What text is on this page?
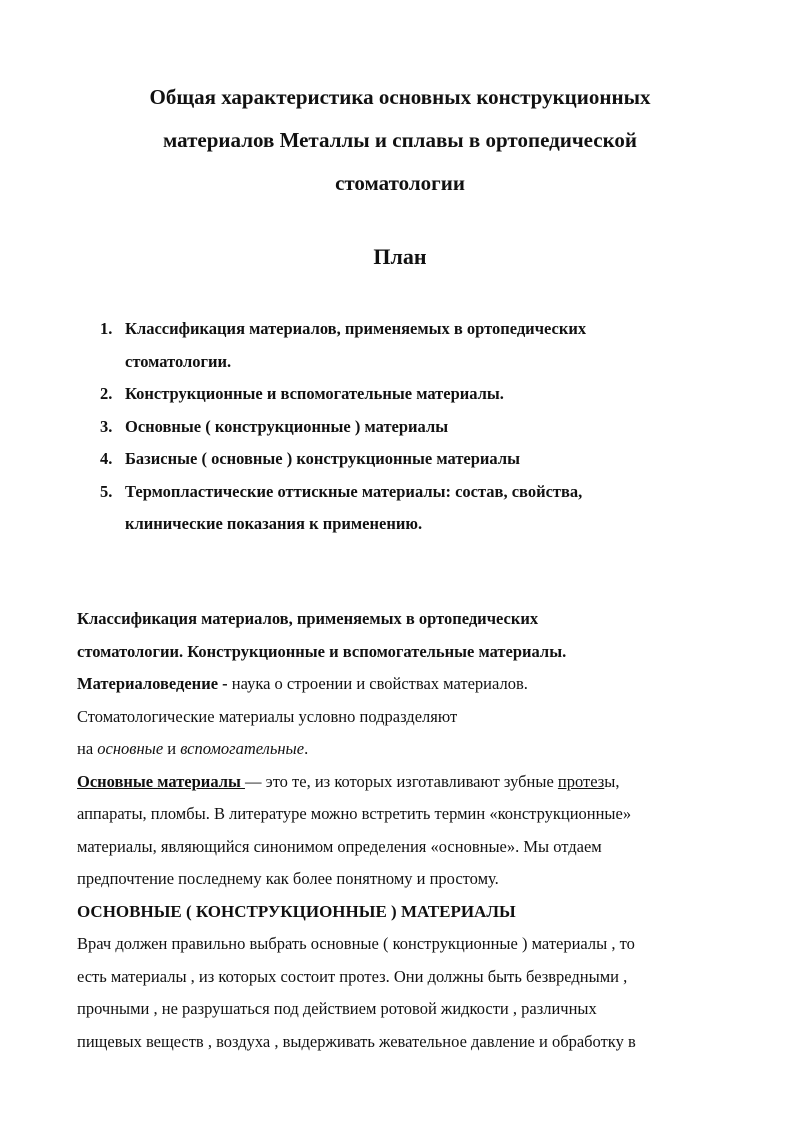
Общая характеристика основных конструкционных
материалов Металлы и сплавы в ортопедической
стоматологии
План
1. Классификация материалов, применяемых в ортопедических
стоматологии.
2. Конструкционные и вспомогательные материалы.
3. Основные ( конструкционные ) материалы
4. Базисные ( основные ) конструкционные материалы
5. Термопластические оттискные материалы: состав, свойства,
клинические показания к применению.

Классификация материалов, применяемых в ортопедических
стоматологии. Конструкционные и вспомогательные материалы.

Материаловедение - наука о строении и свойствах материалов.

Стоматологические материалы условно подразделяют

на основные и вспомогательные.

Основные материалы — это те, из которых изготавливают зубные протезы,
аппараты, пломбы. В литературе можно встретить термин «конструкционные»
материалы, являющийся синонимом определения «основные». Мы отдаем
предпочтение последнему как более понятному и простому.

ОСНОВНЫЕ ( КОНСТРУКЦИОННЫЕ ) МАТЕРИАЛЫ

Врач должен правильно выбрать основные ( конструкционные ) материалы , то
есть материалы , из которых состоит протез. Они должны быть безвредными ,
прочными , не разрушаться под действием ротовой жидкости , различных
пищевых веществ , воздуха , выдерживать жевательное давление и обработку в
